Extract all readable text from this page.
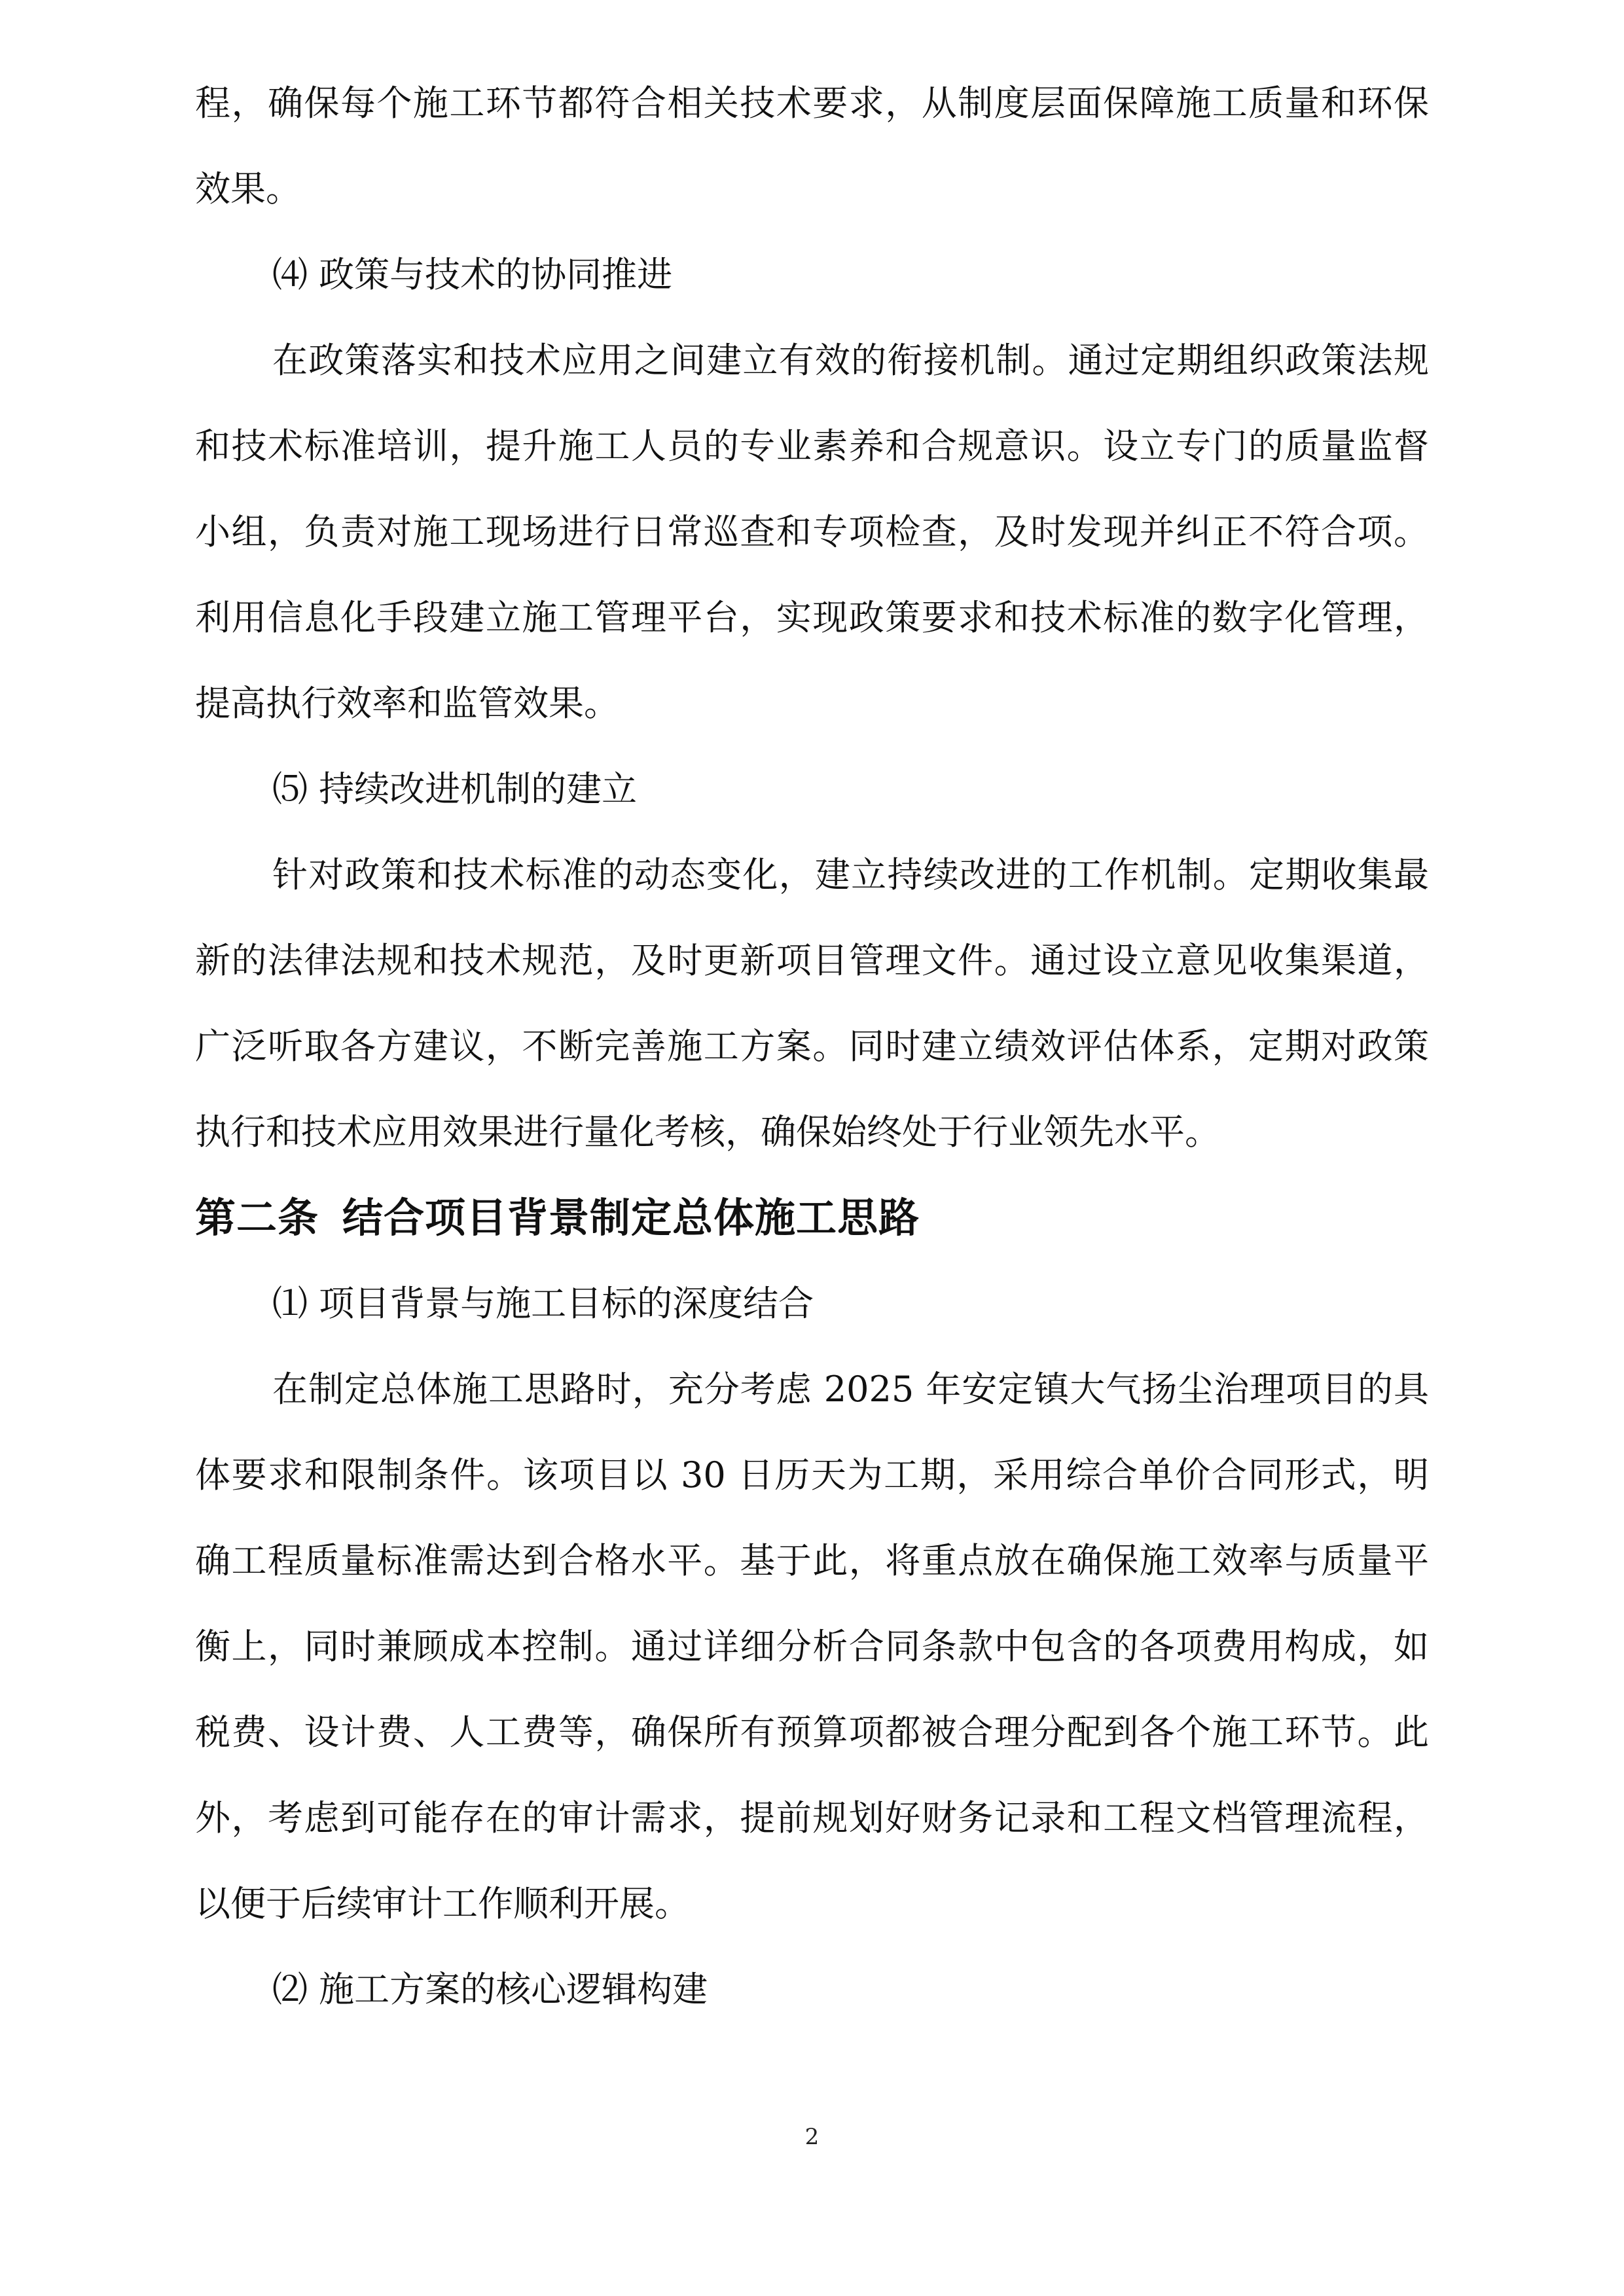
程，确保每个施工环节都符合相关技术要求，从制度层面保障施工质量和环保效果。

⑷ 政策与技术的协同推进

在政策落实和技术应用之间建立有效的衔接机制。通过定期组织政策法规和技术标准培训，提升施工人员的专业素养和合规意识。设立专门的质量监督小组，负责对施工现场进行日常巡查和专项检查，及时发现并纠正不符合项。利用信息化手段建立施工管理平台，实现政策要求和技术标准的数字化管理，提高执行效率和监管效果。

⑸ 持续改进机制的建立

针对政策和技术标准的动态变化，建立持续改进的工作机制。定期收集最新的法律法规和技术规范，及时更新项目管理文件。通过设立意见收集渠道，广泛听取各方建议，不断完善施工方案。同时建立绩效评估体系，定期对政策执行和技术应用效果进行量化考核，确保始终处于行业领先水平。

第二条 结合项目背景制定总体施工思路

⑴ 项目背景与施工目标的深度结合

在制定总体施工思路时，充分考虑 2025 年安定镇大气扬尘治理项目的具体要求和限制条件。该项目以 30 日历天为工期，采用综合单价合同形式，明确工程质量标准需达到合格水平。基于此，将重点放在确保施工效率与质量平衡上，同时兼顾成本控制。通过详细分析合同条款中包含的各项费用构成，如税费、设计费、人工费等，确保所有预算项都被合理分配到各个施工环节。此外，考虑到可能存在的审计需求，提前规划好财务记录和工程文档管理流程，以便于后续审计工作顺利开展。

⑵ 施工方案的核心逻辑构建

2
